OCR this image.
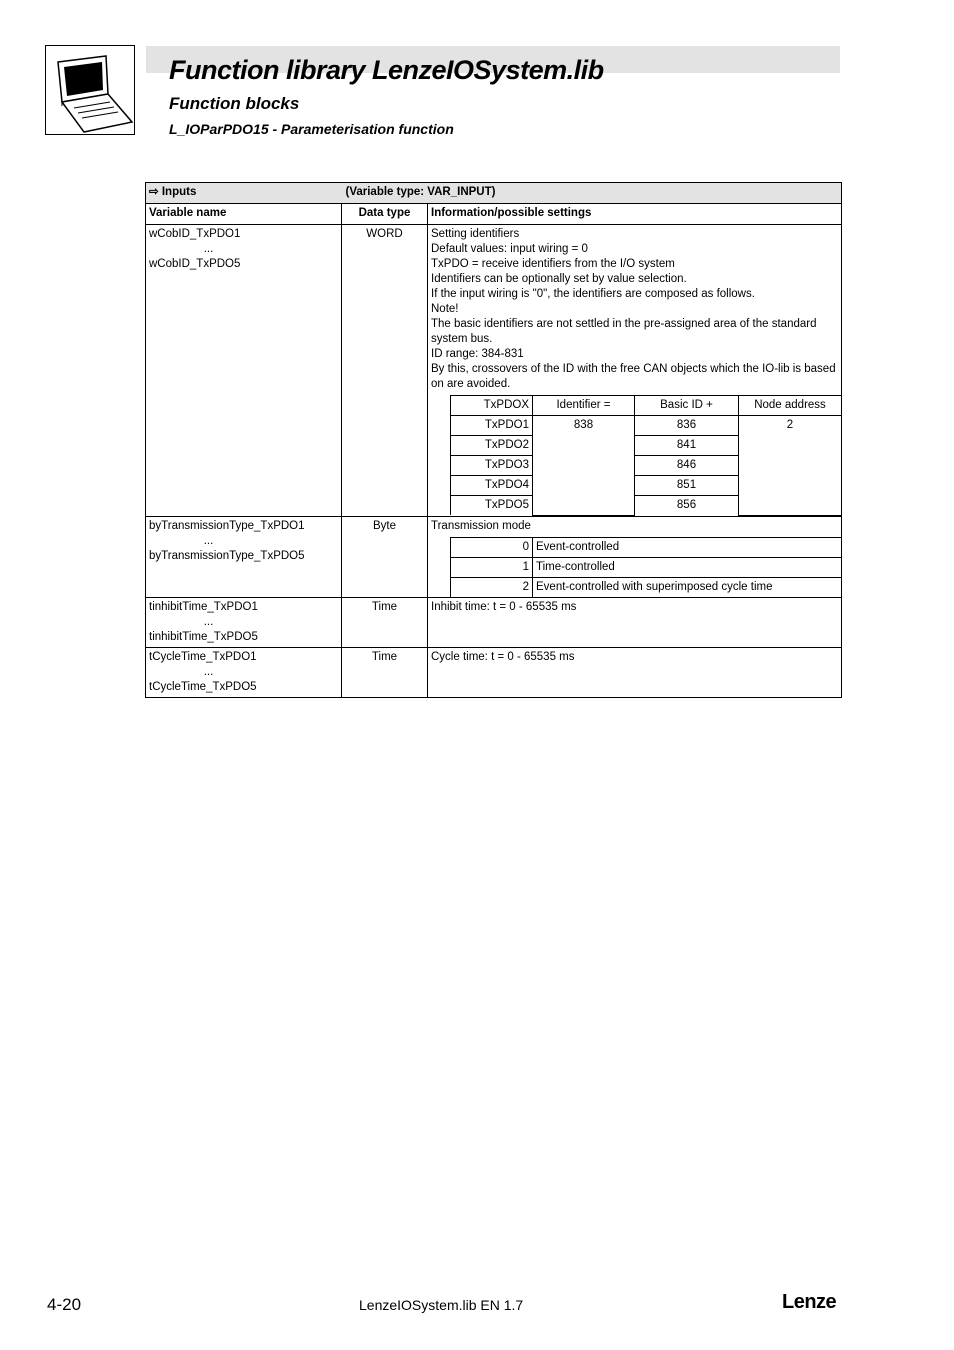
Function library LenzeIOSystem.lib
Function blocks
L_IOParPDO15 - Parameterisation function
⇨ Inputs	(Variable type: VAR_INPUT)

Variable name	Data type	Information/possible settings

wCobID_TxPDO1
...
wCobID_TxPDO5
	WORD	Setting identifiers
Default values: input wiring = 0
TxPDO = receive identifiers from the I/O system
Identifiers can be optionally set by value selection.
If the input wiring is "0", the identifiers are composed as follows.
Note!
The basic identifiers are not settled in the pre-assigned area of the standard system bus.
ID range: 384-831
By this, crossovers of the ID with the free CAN objects which the IO-lib is based on are avoided.
TxPDOX	Identifier =	Basic ID +	Node address
TxPDO1	838	836	2
TxPDO2	841
TxPDO3	846
TxPDO4	851
TxPDO5	856

byTransmissionType_TxPDO1
...
byTransmissionType_TxPDO5
	Byte	Transmission mode
0	Event-controlled
1	Time-controlled
2	Event-controlled with superimposed cycle time

tinhibitTime_TxPDO1
...
tinhibitTime_TxPDO5
	Time	Inhibit time: t = 0 - 65535 ms

tCycleTime_TxPDO1
...
tCycleTime_TxPDO5
	Time	Cycle time: t = 0 - 65535 ms
4-20	LenzeIOSystem.lib EN 1.7	Lenze
